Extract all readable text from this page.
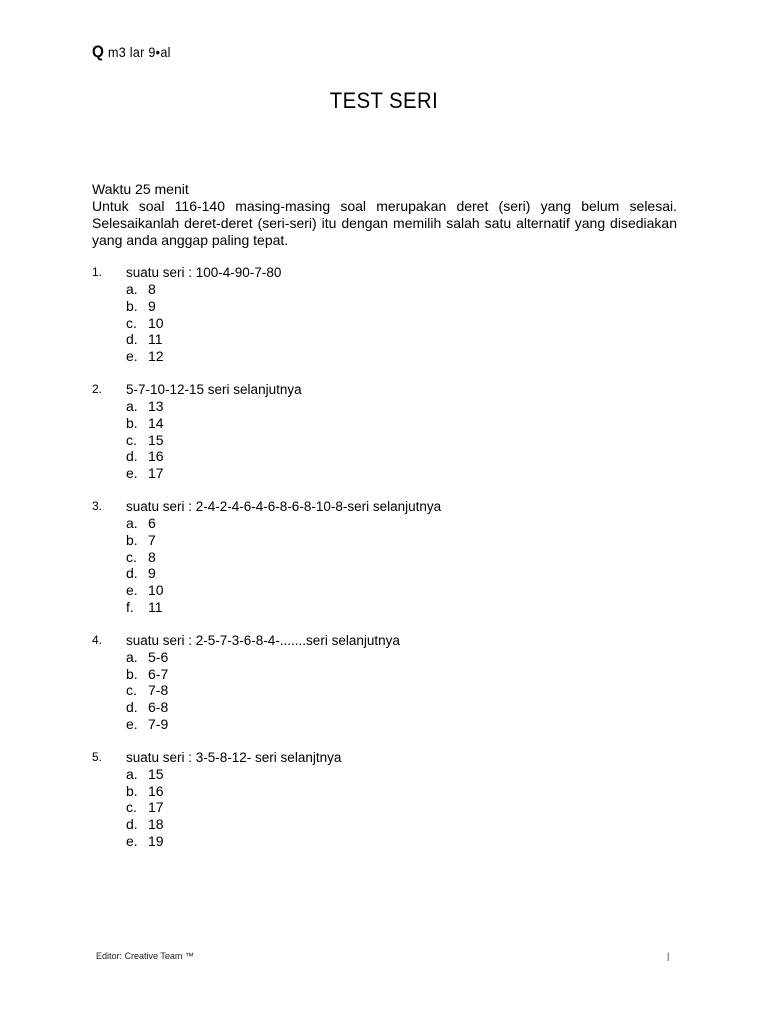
Q m3 lar 9•al
TEST SERI
Waktu 25 menit
Untuk soal 116-140 masing-masing soal merupakan deret (seri) yang belum selesai. Selesaikanlah deret-deret (seri-seri) itu dengan memilih salah satu alternatif yang disediakan yang anda anggap paling tepat.
1.	suatu seri : 100-4-90-7-80
a. 8
b. 9
c. 10
d. 11
e. 12
2.	5-7-10-12-15 seri selanjutnya
a. 13
b. 14
c. 15
d. 16
e. 17
3.	suatu seri : 2-4-2-4-6-4-6-8-6-8-10-8-seri selanjutnya
a. 6
b. 7
c. 8
d. 9
e. 10
f.	11
4.	suatu seri : 2-5-7-3-6-8-4-.......seri selanjutnya
a. 5-6
b. 6-7
c. 7-8
d. 6-8
e. 7-9
5.	suatu seri : 3-5-8-12- seri selanjtnya
a. 15
b. 16
c. 17
d. 18
e. 19
Editor: Creative Team ™	|
